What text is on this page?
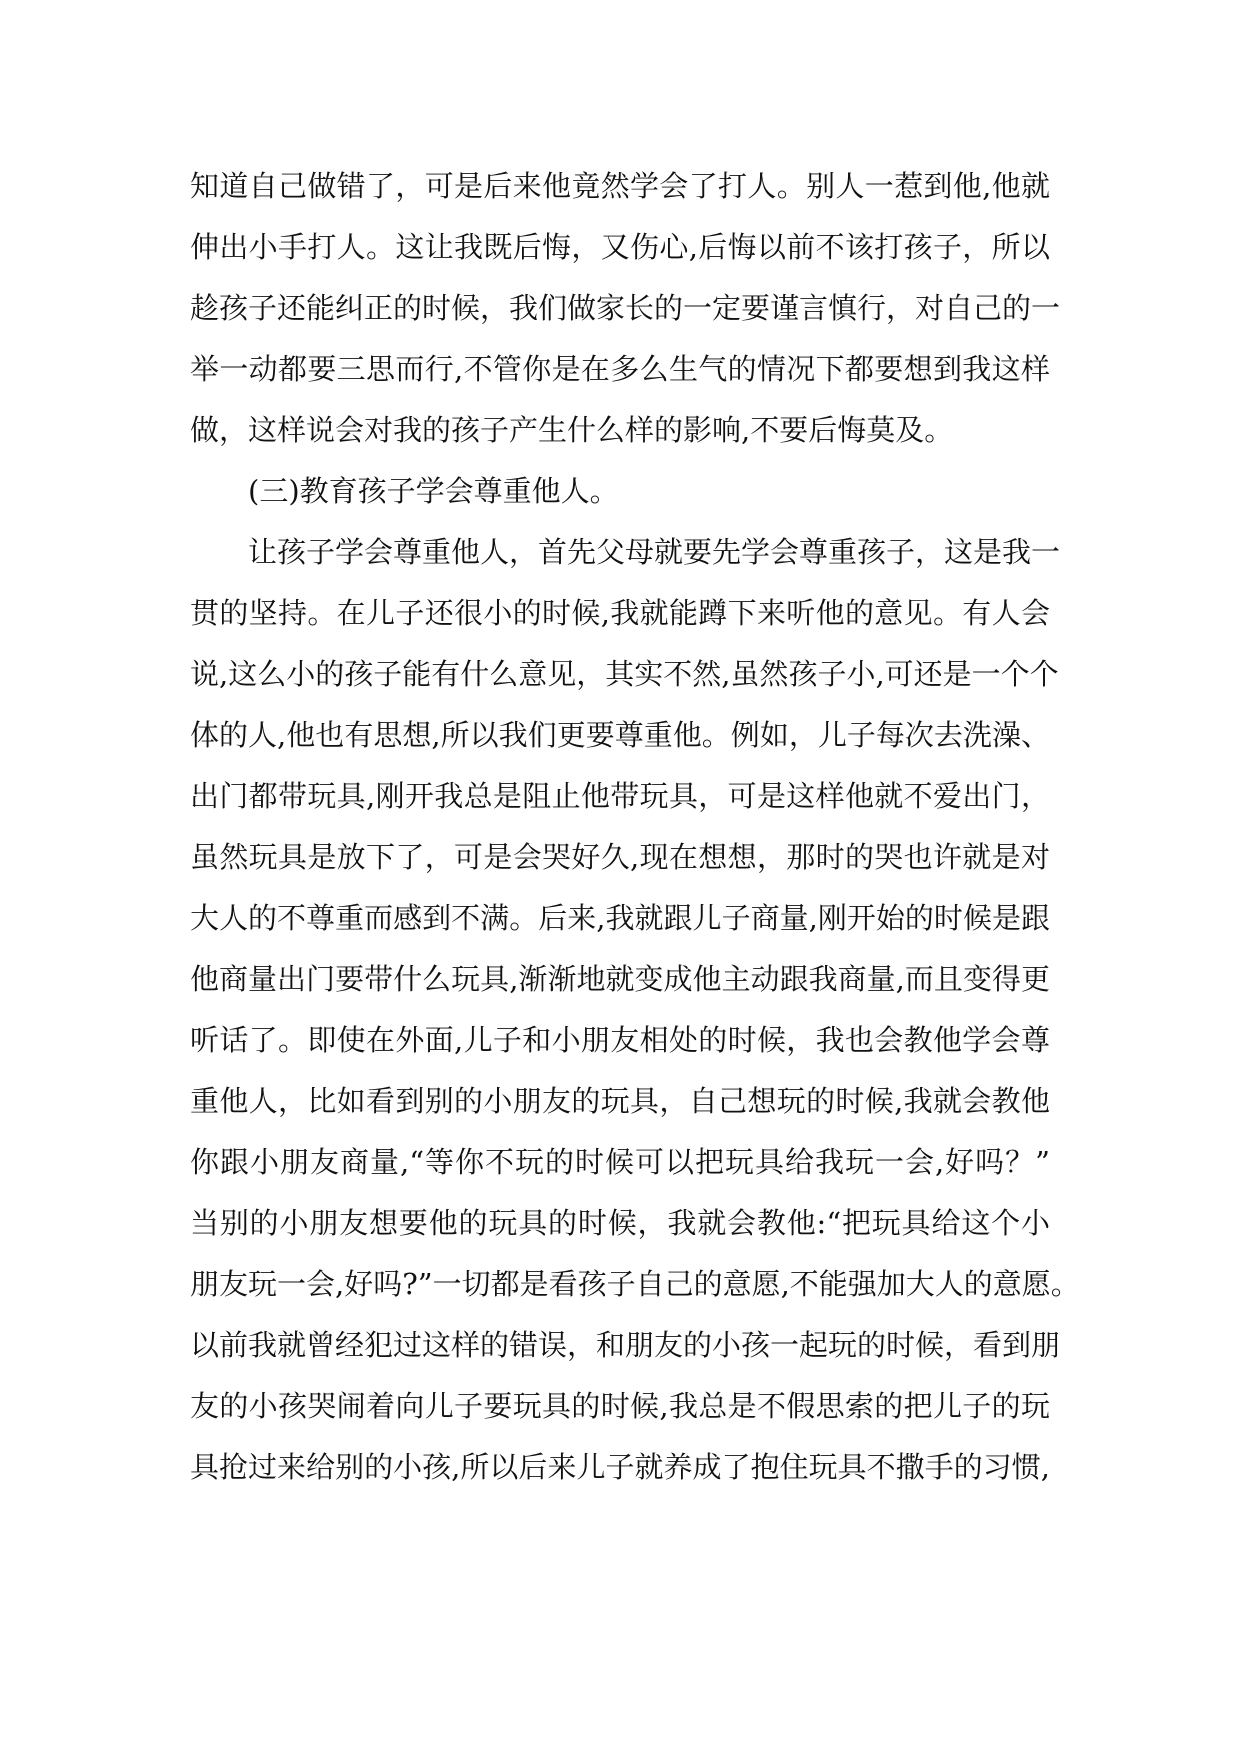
知道自己做错了，可是后来他竟然学会了打人。别人一惹到他,他就
伸出小手打人。这让我既后悔，又伤心,后悔以前不该打孩子，所以
趁孩子还能纠正的时候，我们做家长的一定要谨言慎行，对自己的一
举一动都要三思而行,不管你是在多么生气的情况下都要想到我这样
做，这样说会对我的孩子产生什么样的影响,不要后悔莫及。
(三)教育孩子学会尊重他人。
让孩子学会尊重他人，首先父母就要先学会尊重孩子，这是我一
贯的坚持。在儿子还很小的时候,我就能蹲下来听他的意见。有人会
说,这么小的孩子能有什么意见，其实不然,虽然孩子小,可还是一个个
体的人,他也有思想,所以我们更要尊重他。例如，儿子每次去洗澡、
出门都带玩具,刚开我总是阻止他带玩具，可是这样他就不爱出门，
虽然玩具是放下了，可是会哭好久,现在想想，那时的哭也许就是对
大人的不尊重而感到不满。后来,我就跟儿子商量,刚开始的时候是跟
他商量出门要带什么玩具,渐渐地就变成他主动跟我商量,而且变得更
听话了。即使在外面,儿子和小朋友相处的时候，我也会教他学会尊
重他人，比如看到别的小朋友的玩具，自己想玩的时候,我就会教他
你跟小朋友商量,“等你不玩的时候可以把玩具给我玩一会,好吗？”
当别的小朋友想要他的玩具的时候，我就会教他:“把玩具给这个小
朋友玩一会,好吗?”一切都是看孩子自己的意愿,不能强加大人的意愿。
以前我就曾经犯过这样的错误，和朋友的小孩一起玩的时候，看到朋
友的小孩哭闹着向儿子要玩具的时候,我总是不假思索的把儿子的玩
具抢过来给别的小孩,所以后来儿子就养成了抱住玩具不撒手的习惯,
